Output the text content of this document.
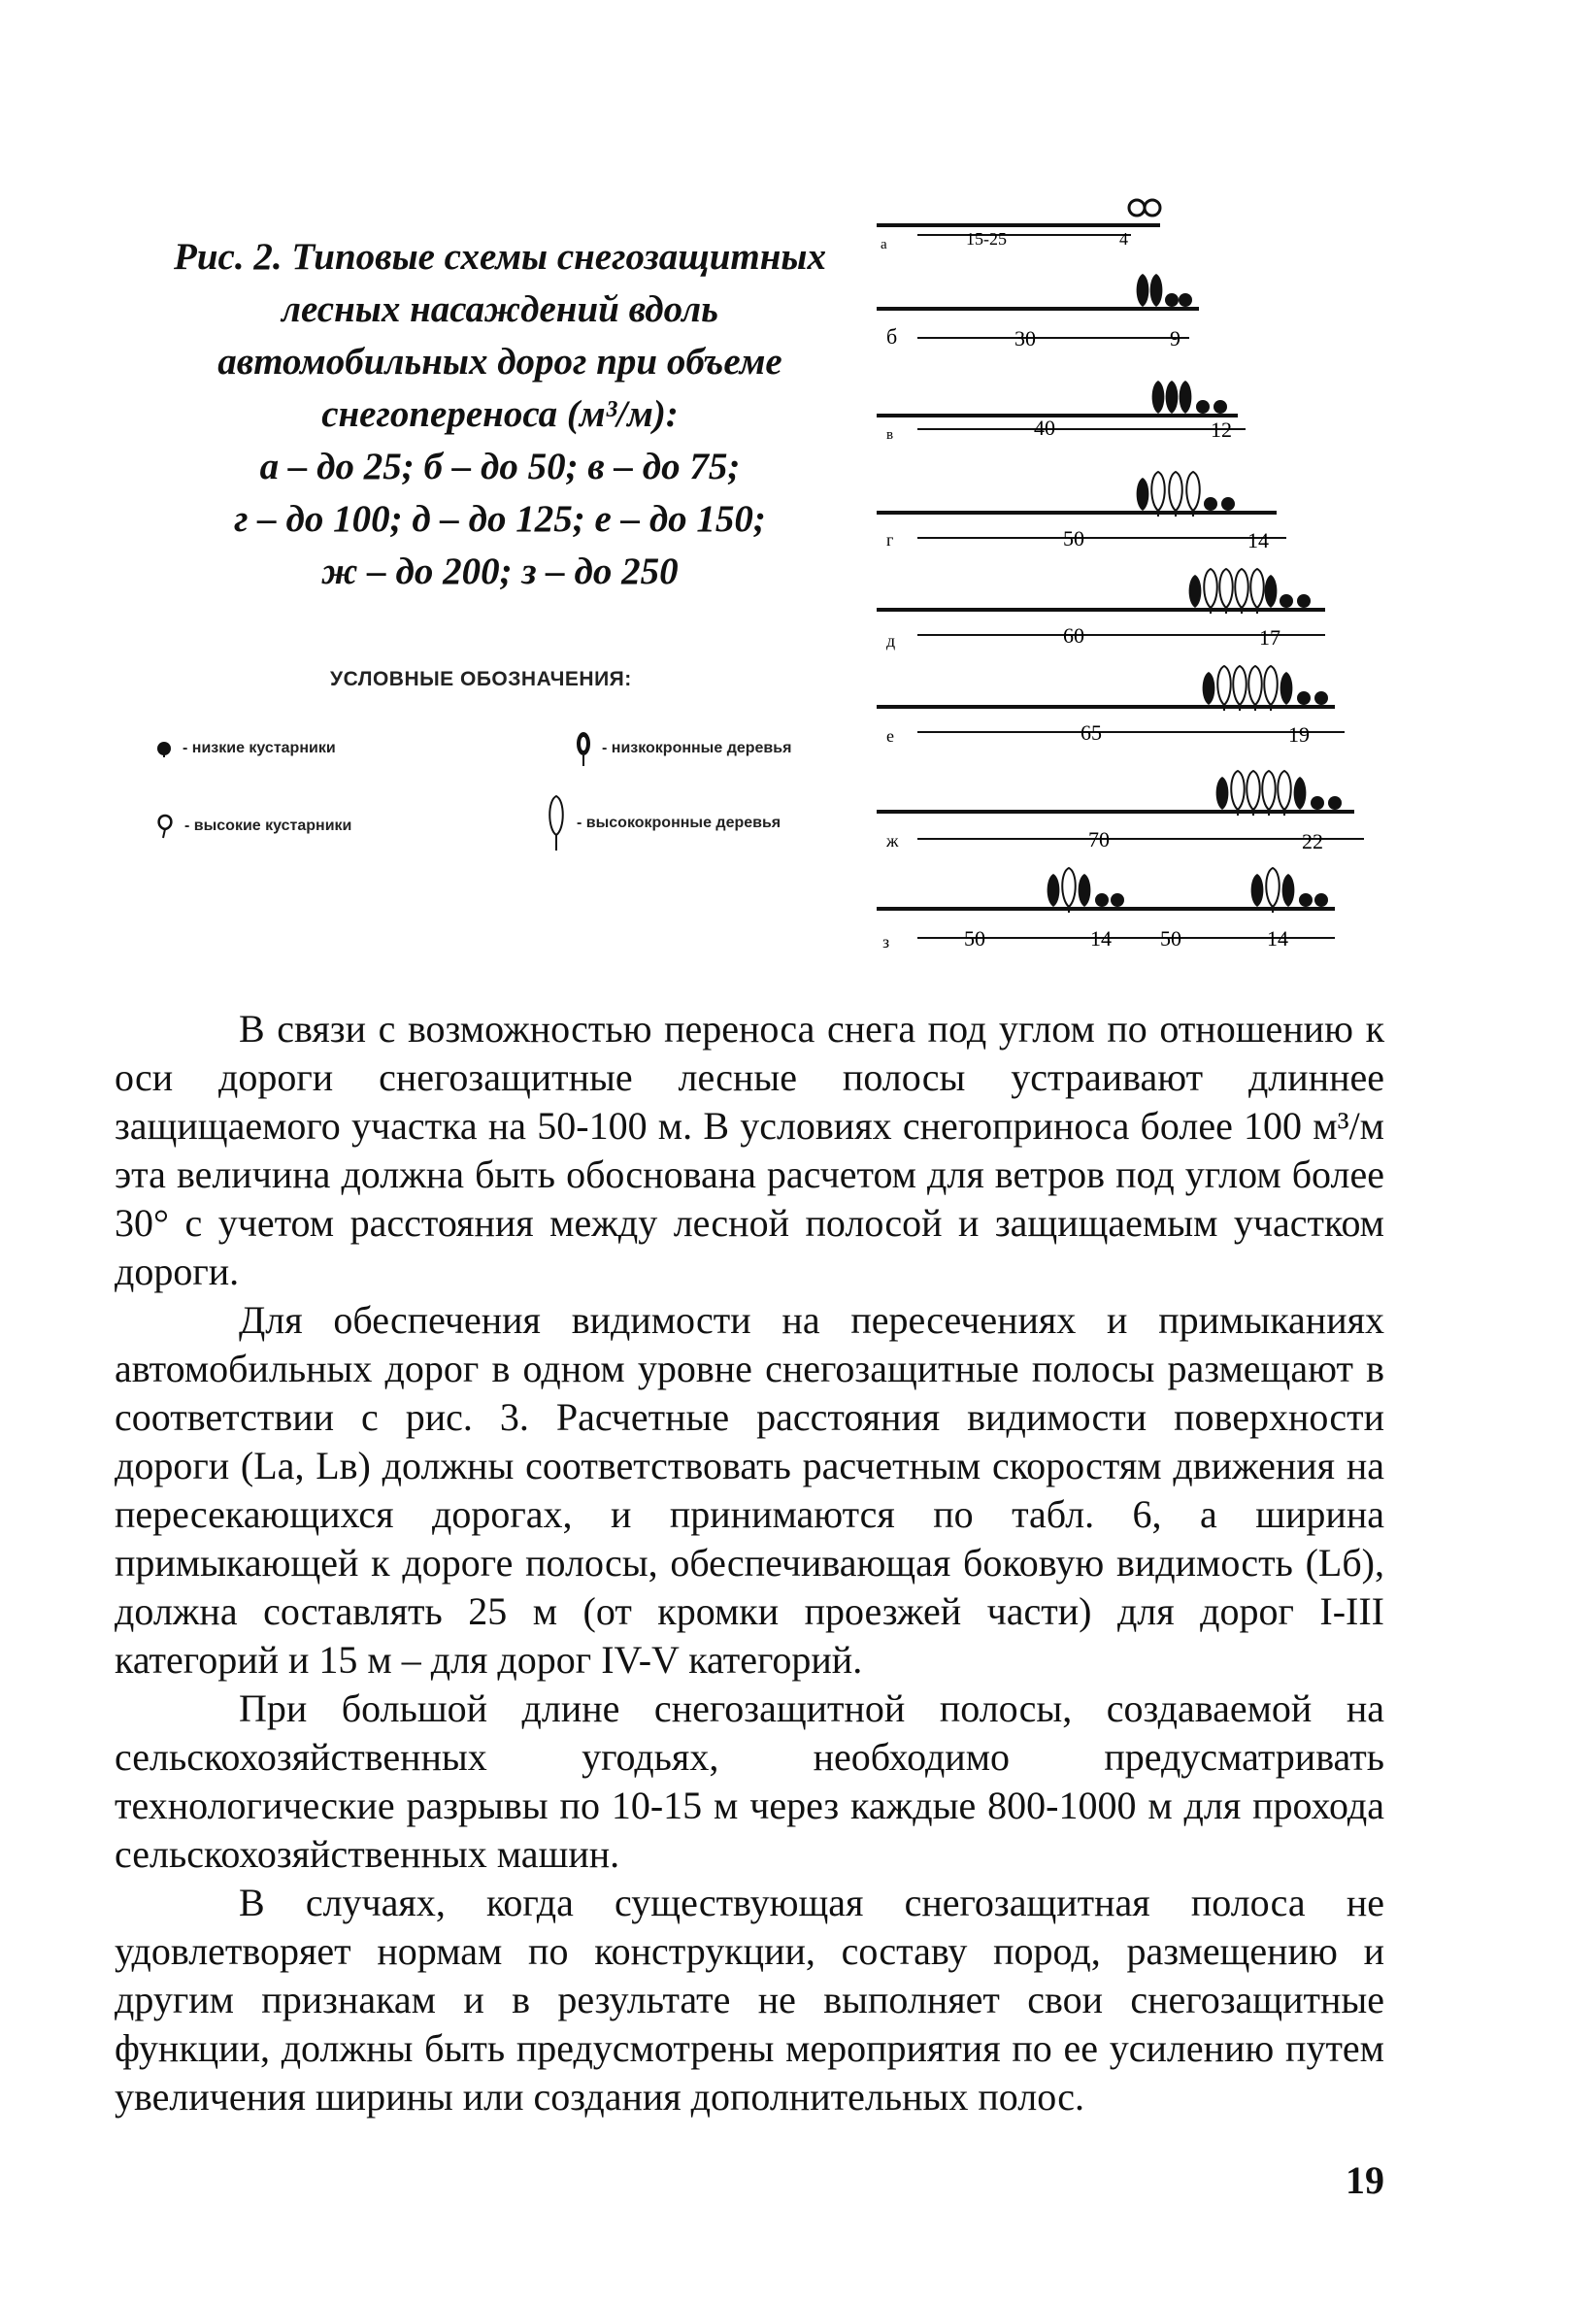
Рис. 2. Типовые схемы снегозащитных
лесных насаждений вдоль
автомобильных дорог при объеме
снегопереноса (м³/м):
а – до 25; б – до 50; в – до 75;
г – до 100; д – до 125; е – до 150;
ж – до 200; з – до 250
УСЛОВНЫЕ ОБОЗНАЧЕНИЯ:
- низкие кустарники
- высокие кустарники
- низкокронные деревья
- высококронные деревья
а	15-25	4
б	30	9
в	40	12
г	50	14
д	60	17
е	65	19
ж	70	22
з	50	14 50	14

В связи с возможностью переноса снега под углом по отношению к оси дороги снегозащитные лесные полосы устраивают длиннее защищаемого участка на 50-100 м. В условиях снегоприноса более 100 м³/м эта величина должна быть обоснована расчетом для ветров под углом более 30° с учетом расстояния между лесной полосой и защищаемым участком дороги.

Для обеспечения видимости на пересечениях и примыканиях автомобильных дорог в одном уровне снегозащитные полосы размещают в соответствии с рис. 3. Расчетные расстояния видимости поверхности дороги (Lа, Lв) должны соответствовать расчетным скоростям движения на пересекающихся дорогах, и принимаются по табл. 6, а ширина примыкающей к дороге полосы, обеспечивающая боковую видимость (Lб), должна составлять 25 м (от кромки проезжей части) для дорог I-III категорий и 15 м – для дорог IV-V категорий.

При большой длине снегозащитной полосы, создаваемой на сельскохозяйственных угодьях, необходимо предусматривать технологические разрывы по 10-15 м через каждые 800-1000 м для прохода сельскохозяйственных машин.

В случаях, когда существующая снегозащитная полоса не удовлетворяет нормам по конструкции, составу пород, размещению и другим признакам и в результате не выполняет свои снегозащитные функции, должны быть предусмотрены мероприятия по ее усилению путем увеличения ширины или создания дополнительных полос.

19
